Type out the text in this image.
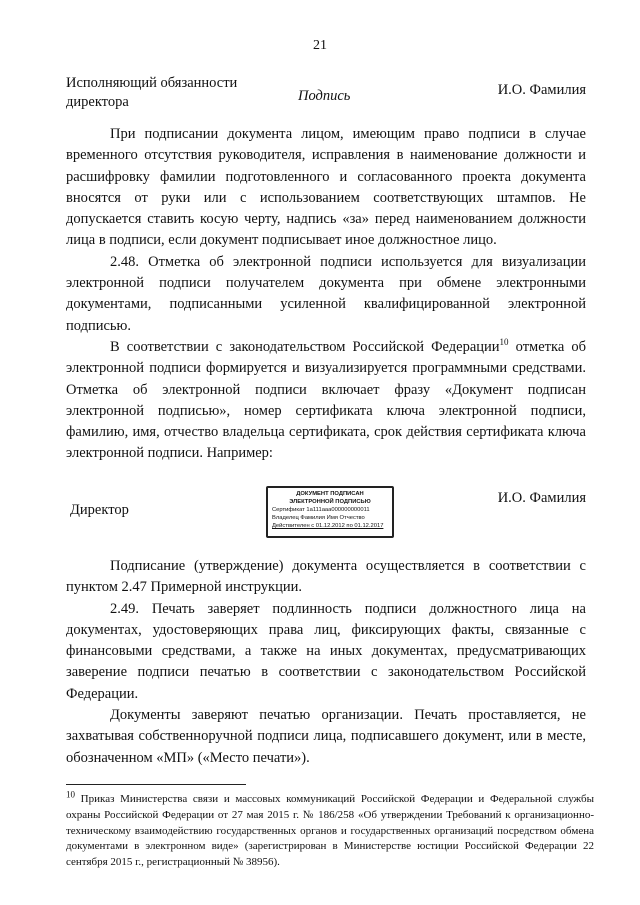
21
Исполняющий обязанности
директора	Подпись	И.О. Фамилия

При подписании документа лицом, имеющим право подписи в случае временного отсутствия руководителя, исправления в наименование должности и расшифровку фамилии подготовленного и согласованного проекта документа вносятся от руки или с использованием соответствующих штампов. Не допускается ставить косую черту, надпись «за» перед наименованием должности лица в подписи, если документ подписывает иное должностное лицо.

2.48. Отметка об электронной подписи используется для визуализации электронной подписи получателем документа при обмене электронными документами, подписанными усиленной квалифицированной электронной подписью.

В соответствии с законодательством Российской Федерации$^{10}$ отметка об электронной подписи формируется и визуализируется программными средствами. Отметка об электронной подписи включает фразу «Документ подписан электронной подписью», номер сертификата ключа электронной подписи, фамилию, имя, отчество владельца сертификата, срок действия сертификата ключа электронной подписи. Например:

Директор
ДОКУМЕНТ ПОДПИСАН
ЭЛЕКТРОННОЙ ПОДПИСЬЮ
Сертификат 1a111aaa000000000011
Владелец Фамилия Имя Отчество
Действителен с 01.12.2012 по 01.12.2017
И.О. Фамилия

Подписание (утверждение) документа осуществляется в соответствии с пунктом 2.47 Примерной инструкции.

2.49. Печать заверяет подлинность подписи должностного лица на документах, удостоверяющих права лиц, фиксирующих факты, связанные с финансовыми средствами, а также на иных документах, предусматривающих заверение подписи печатью в соответствии с законодательством Российской Федерации.

Документы заверяют печатью организации. Печать проставляется, не захватывая собственноручной подписи лица, подписавшего документ, или в месте, обозначенном «МП» («Место печати»).

$^{10}$ Приказ Министерства связи и массовых коммуникаций Российской Федерации и Федеральной службы охраны Российской Федерации от 27 мая 2015 г. № 186/258 «Об утверждении Требований к организационно-техническому взаимодействию государственных органов и государственных организаций посредством обмена документами в электронном виде» (зарегистрирован в Министерстве юстиции Российской Федерации 22 сентября 2015 г., регистрационный № 38956).
